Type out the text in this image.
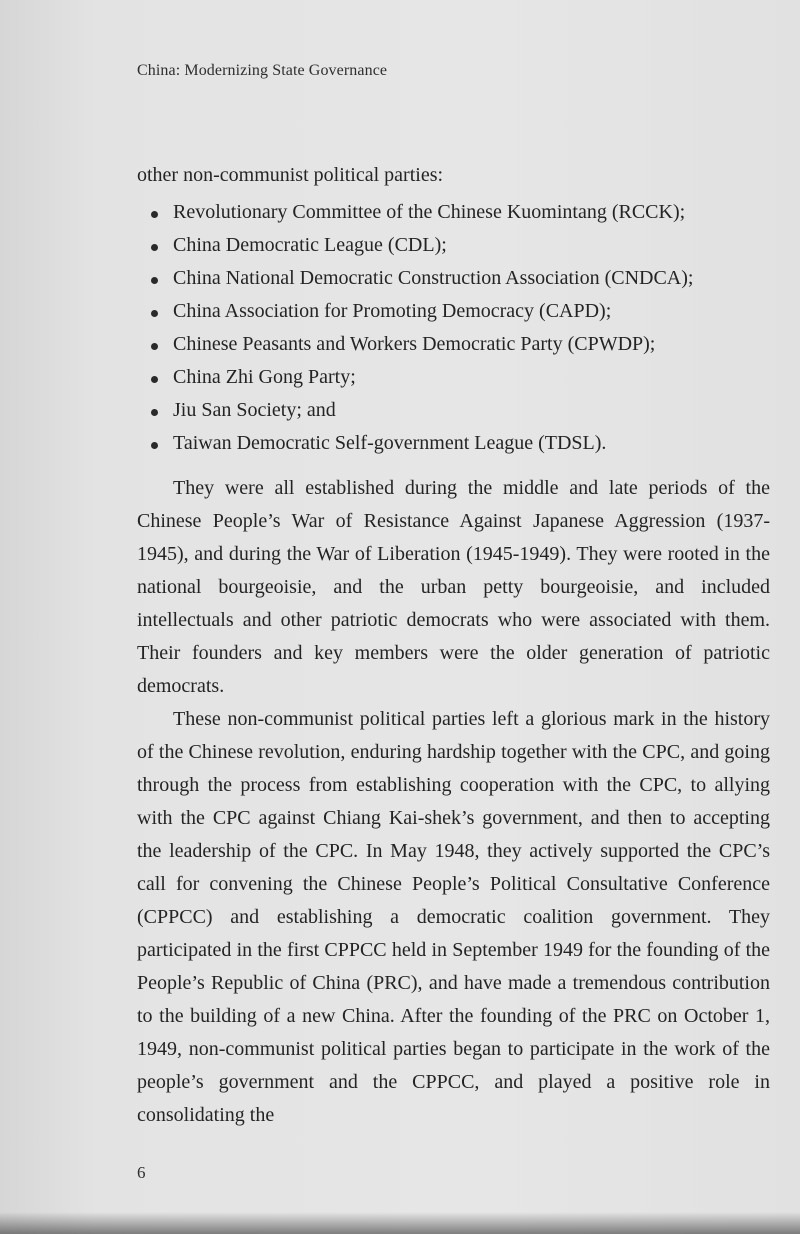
China: Modernizing State Governance

other non-communist political parties:

Revolutionary Committee of the Chinese Kuomintang (RCCK);
China Democratic League (CDL);
China National Democratic Construction Association (CNDCA);
China Association for Promoting Democracy (CAPD);
Chinese Peasants and Workers Democratic Party (CPWDP);
China Zhi Gong Party;
Jiu San Society; and
Taiwan Democratic Self-government League (TDSL).

They were all established during the middle and late periods of the Chinese People’s War of Resistance Against Japanese Aggression (1937-1945), and during the War of Liberation (1945-1949). They were rooted in the national bourgeoisie, and the urban petty bourgeoisie, and included intellectuals and other patriotic democrats who were associated with them. Their founders and key members were the older generation of patriotic democrats.

These non-communist political parties left a glorious mark in the history of the Chinese revolution, enduring hardship together with the CPC, and going through the process from establishing cooperation with the CPC, to allying with the CPC against Chiang Kai-shek’s government, and then to accepting the leadership of the CPC. In May 1948, they actively supported the CPC’s call for convening the Chinese People’s Political Consultative Conference (CPPCC) and establishing a democratic coalition government. They participated in the first CPPCC held in September 1949 for the founding of the People’s Republic of China (PRC), and have made a tremendous contribution to the building of a new China. After the founding of the PRC on October 1, 1949, non-communist political parties began to participate in the work of the people’s government and the CPPCC, and played a positive role in consolidating the

6
